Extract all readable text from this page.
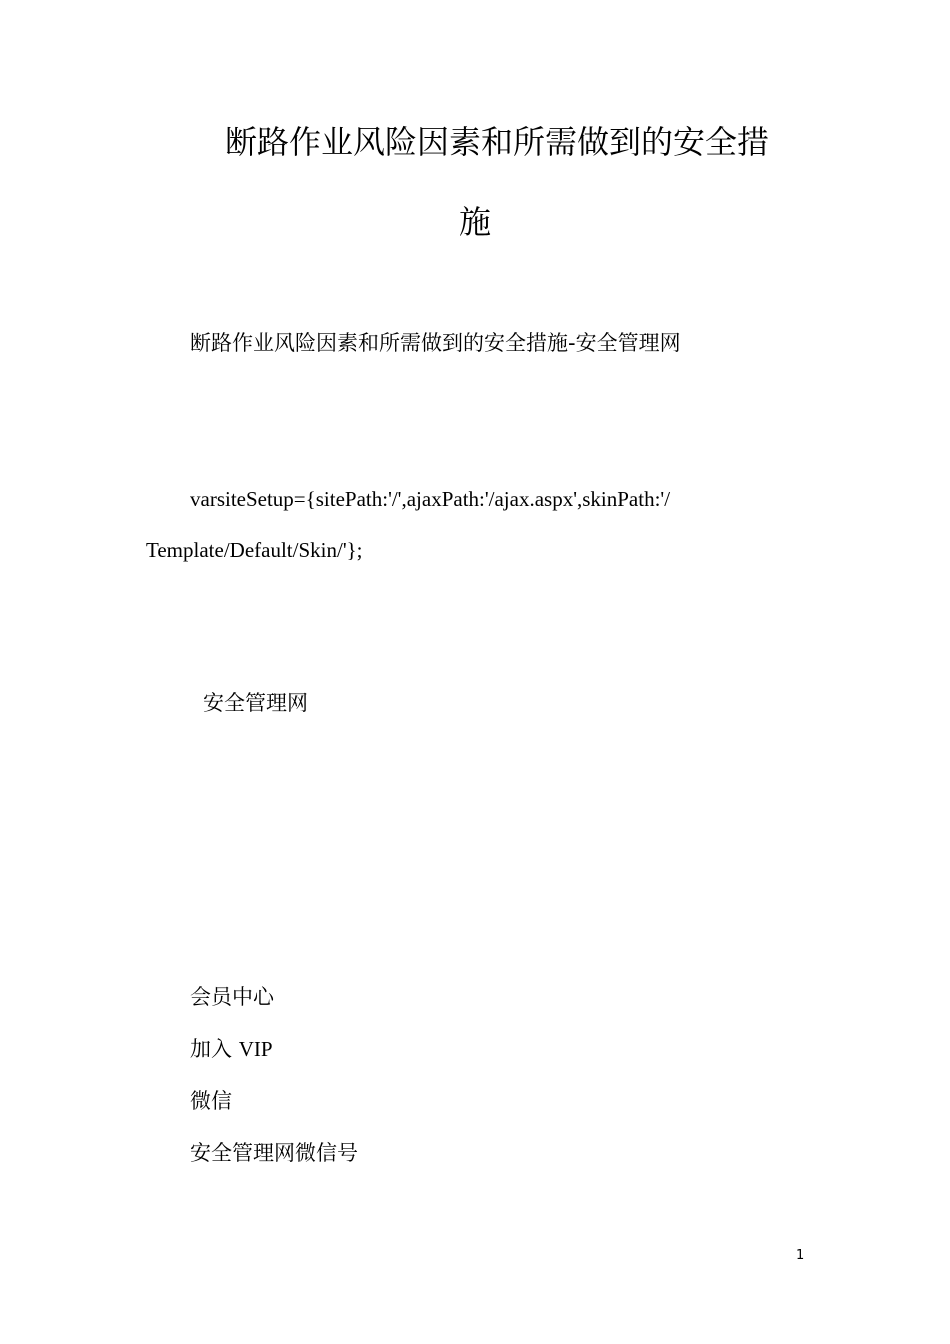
断路作业风险因素和所需做到的安全措
施
断路作业风险因素和所需做到的安全措施-安全管理网
varsiteSetup={sitePath:'/',ajaxPath:'/ajax.aspx',skinPath:'/
Template/Default/Skin/'};
安全管理网
会员中心
加入 VIP
微信
安全管理网微信号
1
